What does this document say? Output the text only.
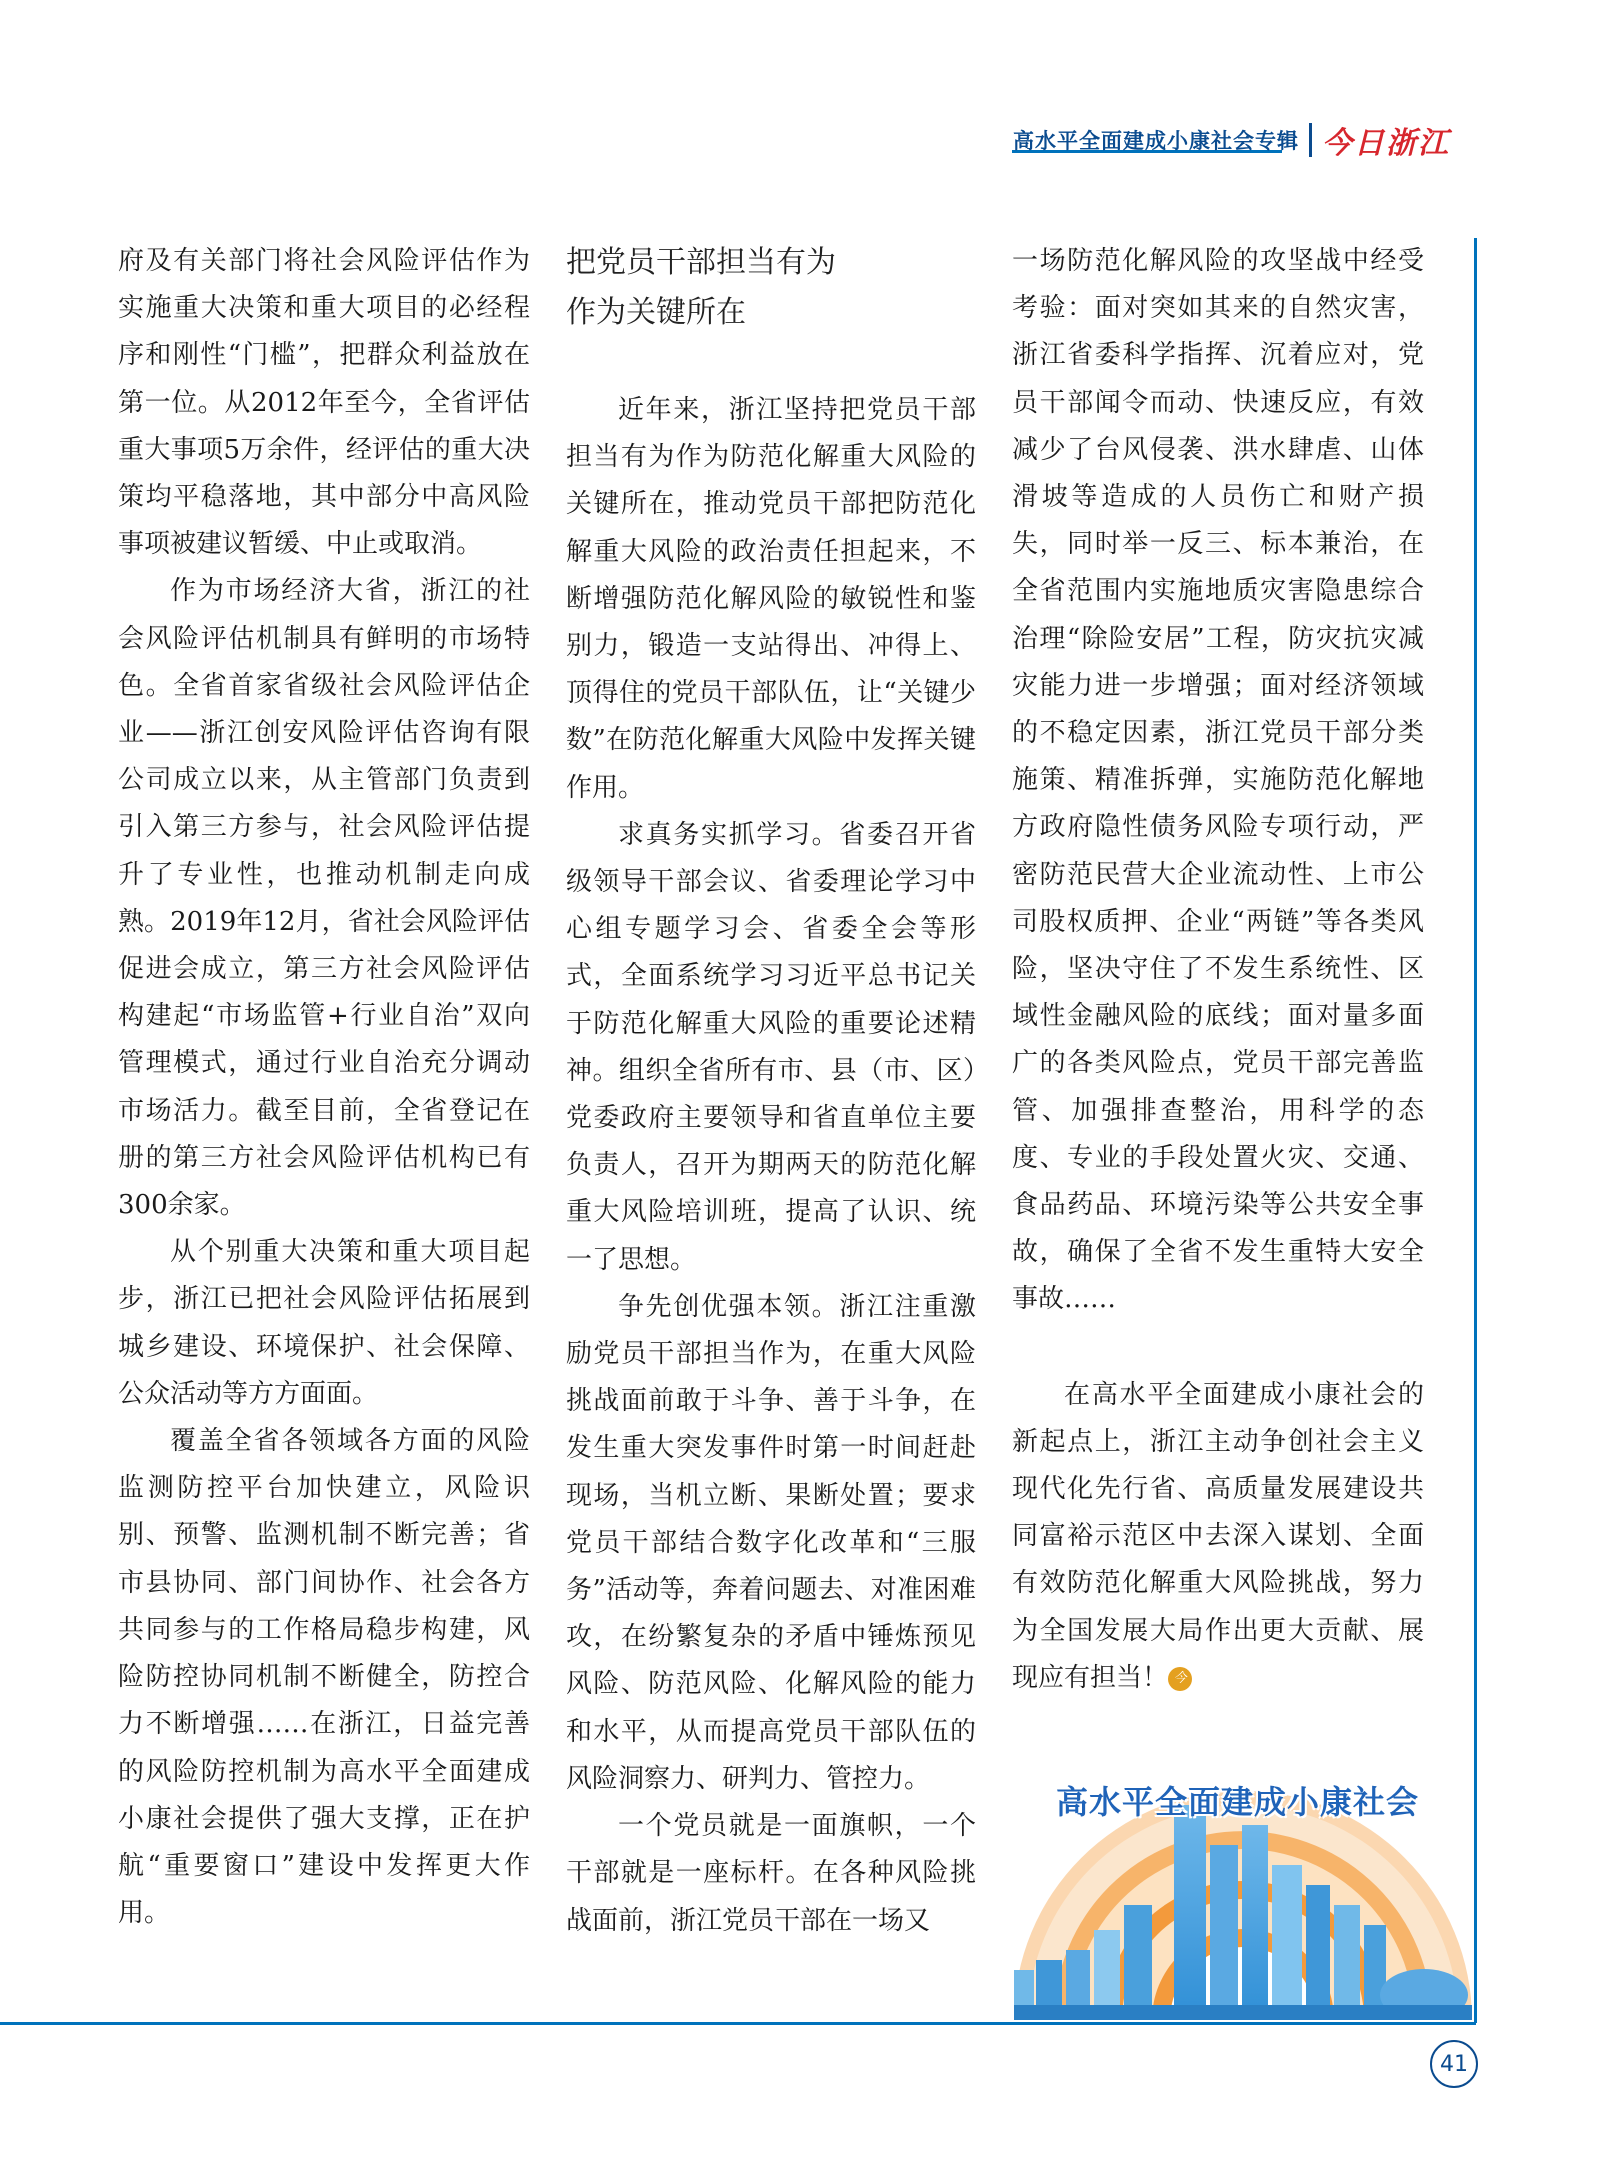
高水平全面建成小康社会专辑 今日浙江

府及有关部门将社会风险评估作为实施重大决策和重大项目的必经程序和刚性“门槛”，把群众利益放在第一位。从2012年至今，全省评估重大事项5万余件，经评估的重大决策均平稳落地，其中部分中高风险事项被建议暂缓、中止或取消。

作为市场经济大省，浙江的社会风险评估机制具有鲜明的市场特色。全省首家省级社会风险评估企业——浙江创安风险评估咨询有限公司成立以来，从主管部门负责到引入第三方参与，社会风险评估提升了专业性，也推动机制走向成熟。2019年12月，省社会风险评估促进会成立，第三方社会风险评估构建起“市场监管+行业自治”双向管理模式，通过行业自治充分调动市场活力。截至目前，全省登记在册的第三方社会风险评估机构已有300余家。

从个别重大决策和重大项目起步，浙江已把社会风险评估拓展到城乡建设、环境保护、社会保障、公众活动等方方面面。

覆盖全省各领域各方面的风险监测防控平台加快建立，风险识别、预警、监测机制不断完善；省市县协同、部门间协作、社会各方共同参与的工作格局稳步构建，风险防控协同机制不断健全，防控合力不断增强……在浙江，日益完善的风险防控机制为高水平全面建成小康社会提供了强大支撑，正在护航“重要窗口”建设中发挥更大作用。

把党员干部担当有为
作为关键所在

近年来，浙江坚持把党员干部担当有为作为防范化解重大风险的关键所在，推动党员干部把防范化解重大风险的政治责任担起来，不断增强防范化解风险的敏锐性和鉴别力，锻造一支站得出、冲得上、顶得住的党员干部队伍，让“关键少数”在防范化解重大风险中发挥关键作用。

求真务实抓学习。省委召开省级领导干部会议、省委理论学习中心组专题学习会、省委全会等形式，全面系统学习习近平总书记关于防范化解重大风险的重要论述精神。组织全省所有市、县（市、区）党委政府主要领导和省直单位主要负责人，召开为期两天的防范化解重大风险培训班，提高了认识、统一了思想。

争先创优强本领。浙江注重激励党员干部担当作为，在重大风险挑战面前敢于斗争、善于斗争，在发生重大突发事件时第一时间赶赴现场，当机立断、果断处置；要求党员干部结合数字化改革和“三服务”活动等，奔着问题去、对准困难攻，在纷繁复杂的矛盾中锤炼预见风险、防范风险、化解风险的能力和水平，从而提高党员干部队伍的风险洞察力、研判力、管控力。

一个党员就是一面旗帜，一个干部就是一座标杆。在各种风险挑战面前，浙江党员干部在一场又

一场防范化解风险的攻坚战中经受考验：面对突如其来的自然灾害，浙江省委科学指挥、沉着应对，党员干部闻令而动、快速反应，有效减少了台风侵袭、洪水肆虐、山体滑坡等造成的人员伤亡和财产损失，同时举一反三、标本兼治，在全省范围内实施地质灾害隐患综合治理“除险安居”工程，防灾抗灾减灾能力进一步增强；面对经济领域的不稳定因素，浙江党员干部分类施策、精准拆弹，实施防范化解地方政府隐性债务风险专项行动，严密防范民营大企业流动性、上市公司股权质押、企业“两链”等各类风险，坚决守住了不发生系统性、区域性金融风险的底线；面对量多面广的各类风险点，党员干部完善监管、加强排查整治，用科学的态度、专业的手段处置火灾、交通、食品药品、环境污染等公共安全事故，确保了全省不发生重特大安全事故……

在高水平全面建成小康社会的新起点上，浙江主动争创社会主义现代化先行省、高质量发展建设共同富裕示范区中去深入谋划、全面有效防范化解重大风险挑战，努力为全国发展大局作出更大贡献、展现应有担当！ 今

高水平全面建成小康社会
41
